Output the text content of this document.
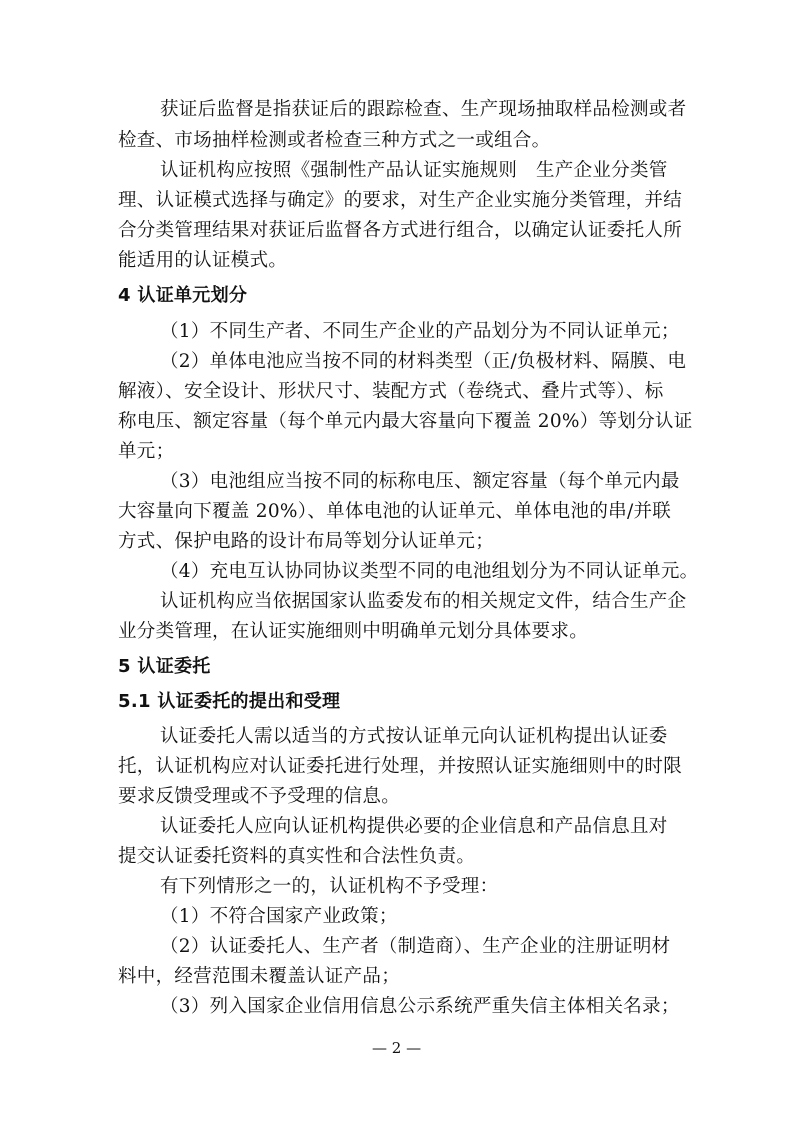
获证后监督是指获证后的跟踪检查、生产现场抽取样品检测或者
检查、市场抽样检测或者检查三种方式之一或组合。
认证机构应按照《强制性产品认证实施规则　生产企业分类管
理、认证模式选择与确定》的要求，对生产企业实施分类管理，并结
合分类管理结果对获证后监督各方式进行组合，以确定认证委托人所
能适用的认证模式。
4 认证单元划分
（1）不同生产者、不同生产企业的产品划分为不同认证单元；
（2）单体电池应当按不同的材料类型（正/负极材料、隔膜、电
解液）、安全设计、形状尺寸、装配方式（卷绕式、叠片式等）、标
称电压、额定容量（每个单元内最大容量向下覆盖 20%）等划分认证
单元；
（3）电池组应当按不同的标称电压、额定容量（每个单元内最
大容量向下覆盖 20%）、单体电池的认证单元、单体电池的串/并联
方式、保护电路的设计布局等划分认证单元；
（4）充电互认协同协议类型不同的电池组划分为不同认证单元。
认证机构应当依据国家认监委发布的相关规定文件，结合生产企
业分类管理，在认证实施细则中明确单元划分具体要求。
5 认证委托
5.1 认证委托的提出和受理
认证委托人需以适当的方式按认证单元向认证机构提出认证委
托，认证机构应对认证委托进行处理，并按照认证实施细则中的时限
要求反馈受理或不予受理的信息。
认证委托人应向认证机构提供必要的企业信息和产品信息且对
提交认证委托资料的真实性和合法性负责。
有下列情形之一的，认证机构不予受理：
（1）不符合国家产业政策；
（2）认证委托人、生产者（制造商）、生产企业的注册证明材
料中，经营范围未覆盖认证产品；
（3）列入国家企业信用信息公示系统严重失信主体相关名录；
— 2 —
